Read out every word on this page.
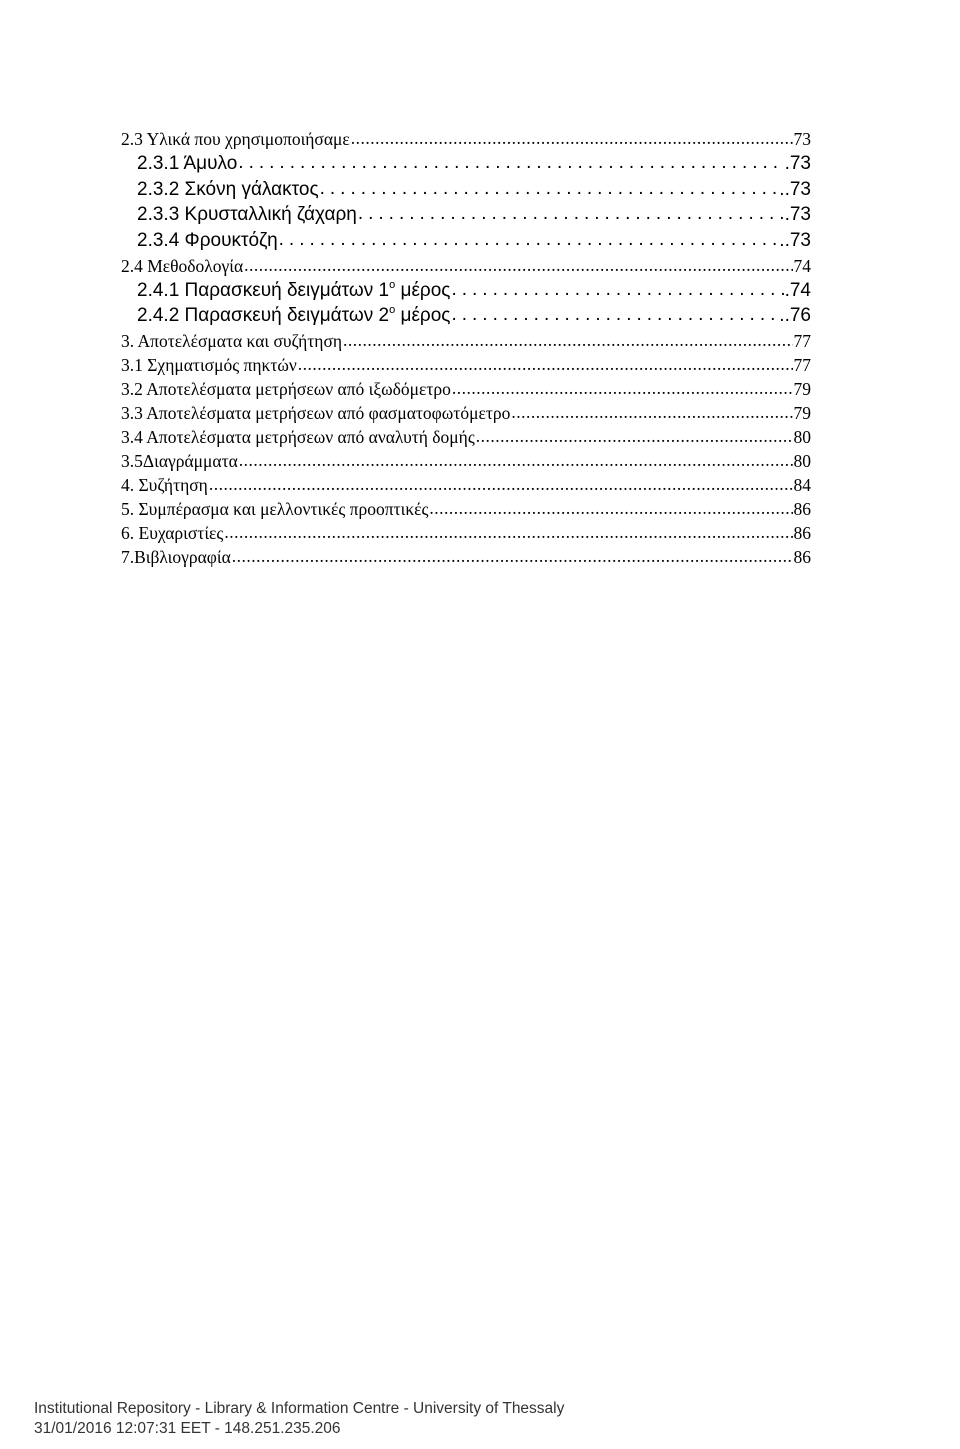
2.3 Υλικά που χρησιμοποιήσαμε .....	73
2.3.1 Άμυλο .....	.73
2.3.2 Σκόνη γάλακτος .....	..73
2.3.3 Κρυσταλλική ζάχαρη .....	.73
2.3.4 Φρουκτόζη .....	..73
2.4 Μεθοδολογία .....	74
2.4.1 Παρασκευή δειγμάτων $1^o$ μέρος .....	.74
2.4.2 Παρασκευή δειγμάτων $2^o$ μέρος .....	..76
3. Αποτελέσματα και συζήτηση .....	77
3.1 Σχηματισμός πηκτών .....	77
3.2 Αποτελέσματα μετρήσεων από ιξωδόμετρο .....	79
3.3 Αποτελέσματα μετρήσεων από φασματοφωτόμετρο .....	79
3.4 Αποτελέσματα μετρήσεων από αναλυτή δομής .....	80
3.5Διαγράμματα .....	80
4. Συζήτηση .....	84
5. Συμπέρασμα και μελλοντικές προοπτικές .....	86
6. Ευχαριστίες .....	86
7.Βιβλιογραφία .....	86
Institutional Repository - Library & Information Centre - University of Thessaly
31/01/2016 12:07:31 EET - 148.251.235.206
